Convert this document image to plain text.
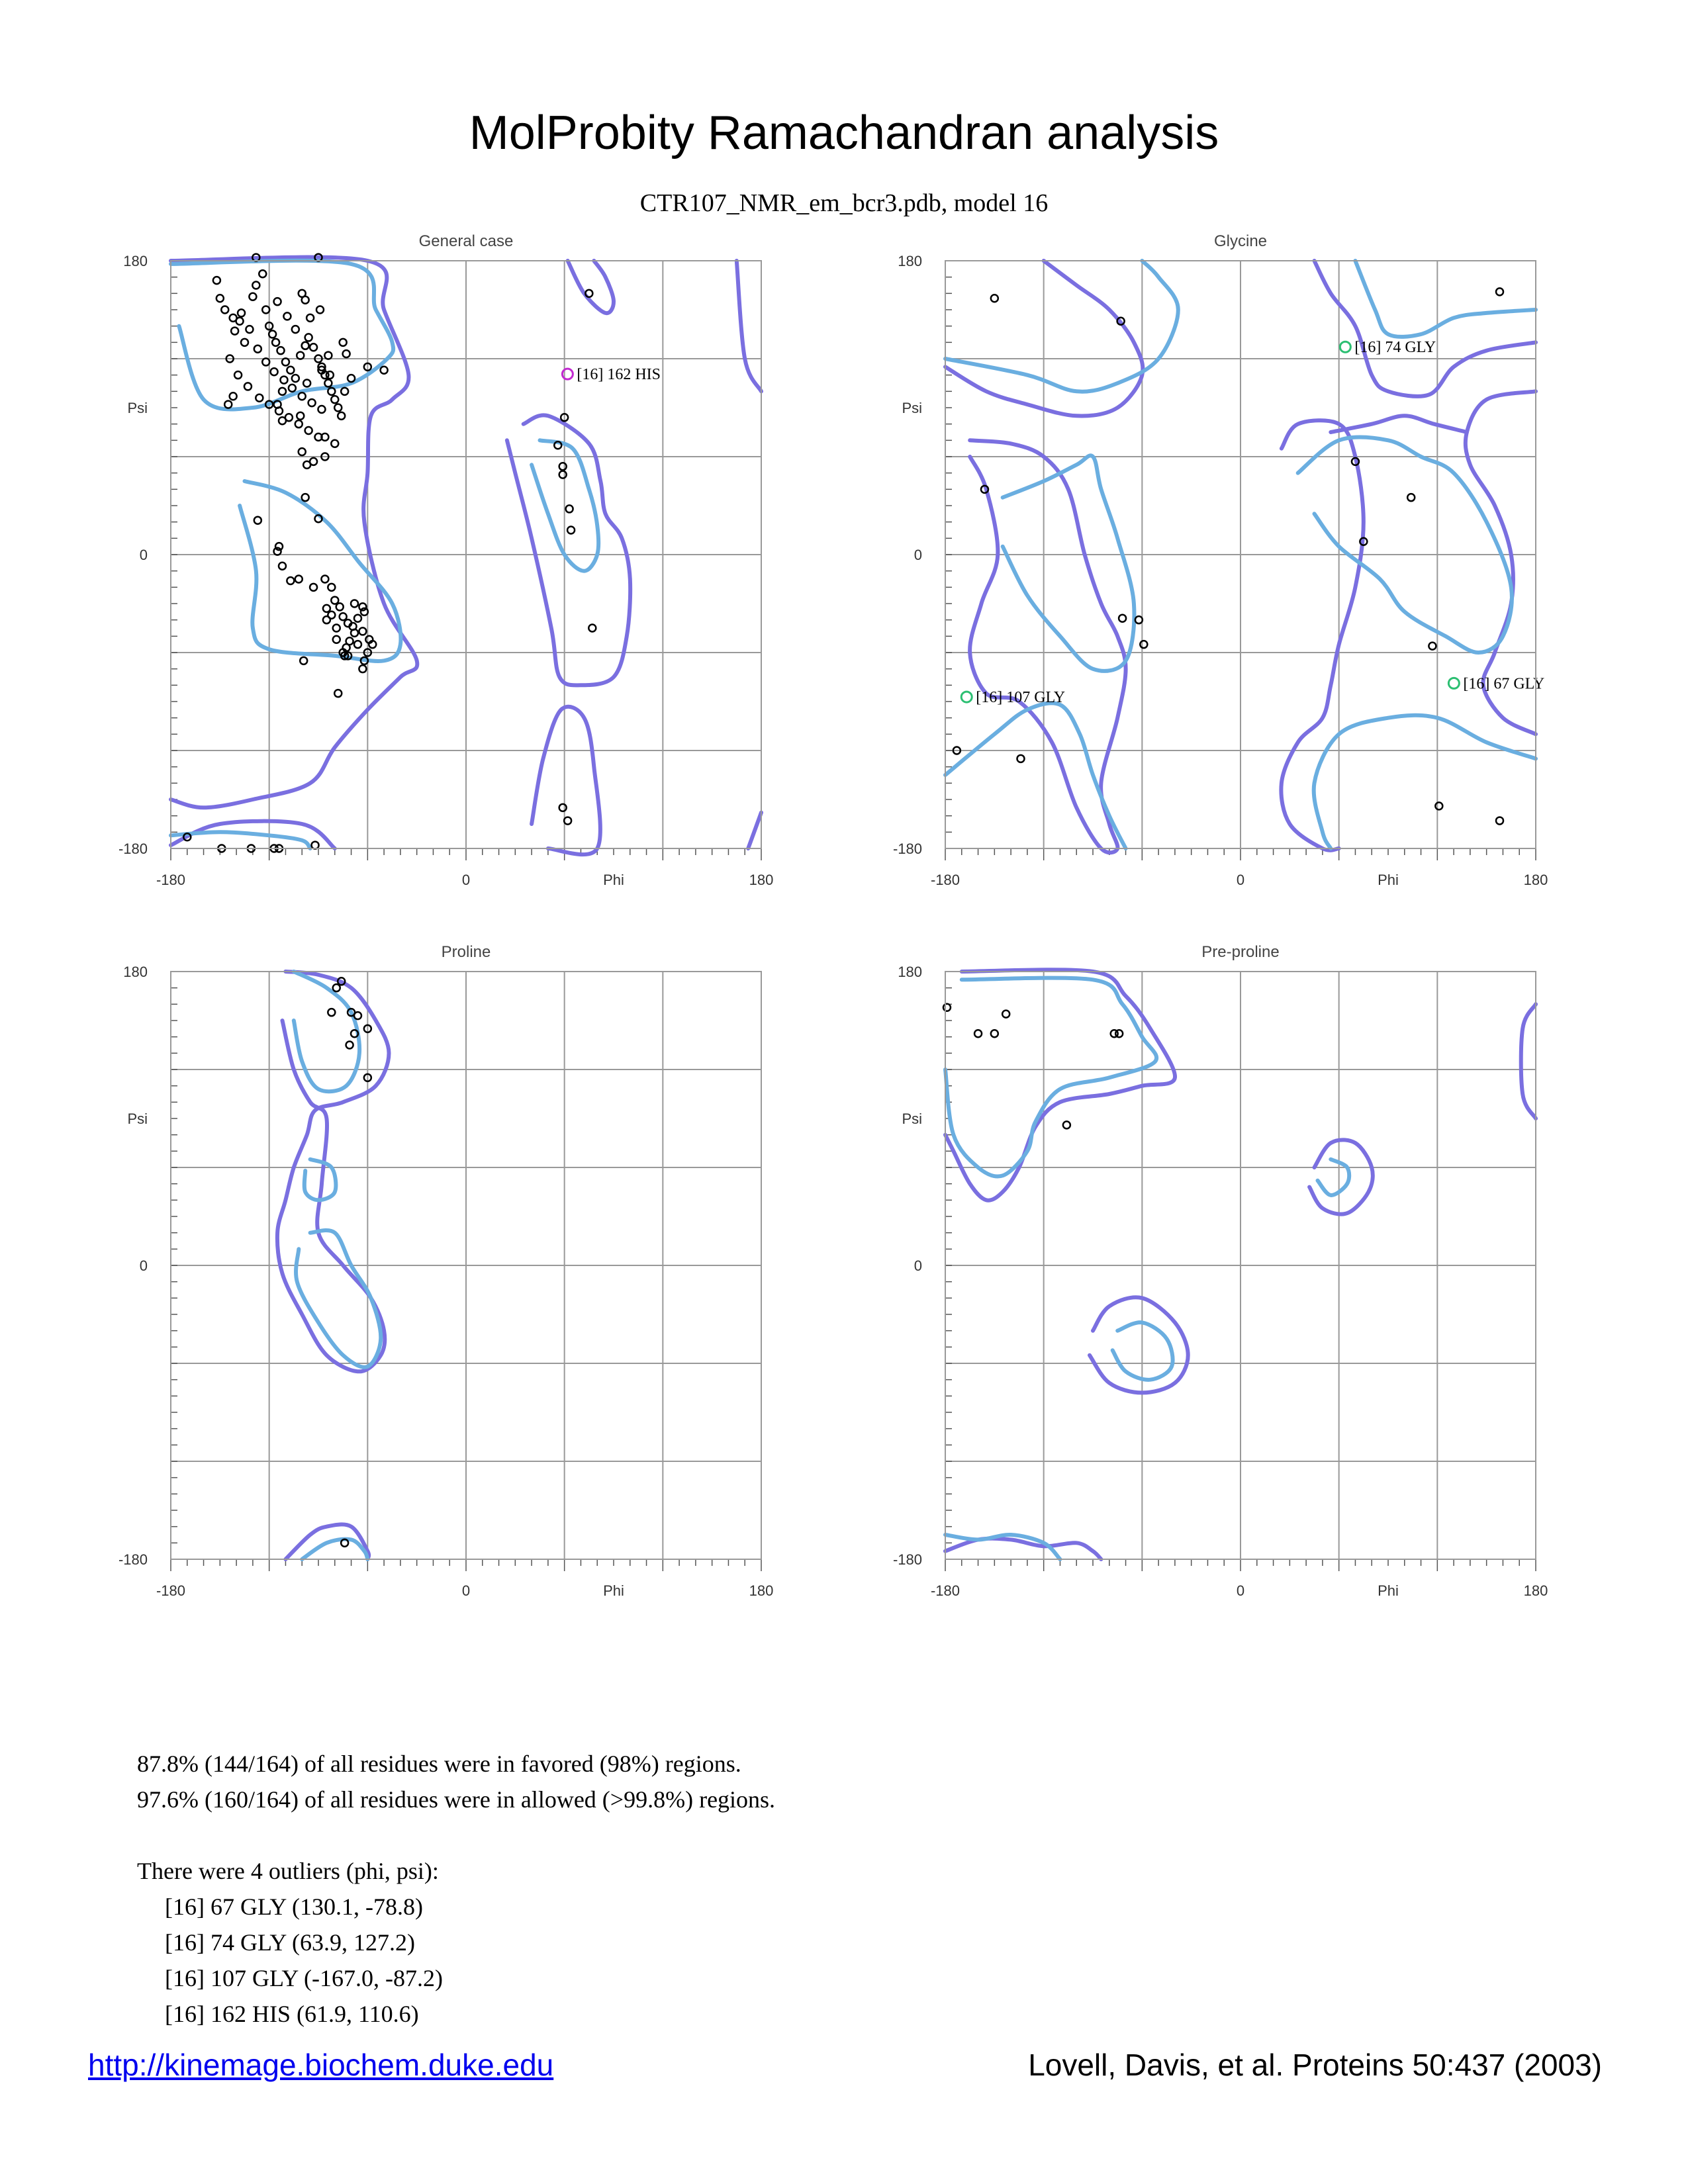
MolProbity Ramachandran analysis
CTR107_NMR_em_bcr3.pdb, model 16
General case
180
0
-180
Psi
-180	0	180
Phi
[16] 162 HIS
Glycine
180
0
-180
Psi
-180	0	180
Phi
[16] 67 GLY
[16] 74 GLY
[16] 107 GLY
Proline
180
0
-180
Psi
-180	0	180
Phi
Pre-proline
180
0
-180
Psi
-180	0	180
Phi
87.8% (144/164) of all residues were in favored (98%) regions.
97.6% (160/164) of all residues were in allowed (>99.8%) regions.
There were 4 outliers (phi, psi):
[16] 67 GLY (130.1, -78.8)
[16] 74 GLY (63.9, 127.2)
[16] 107 GLY (-167.0, -87.2)
[16] 162 HIS (61.9, 110.6)
http://kinemage.biochem.duke.edu	Lovell, Davis, et al. Proteins 50:437 (2003)
